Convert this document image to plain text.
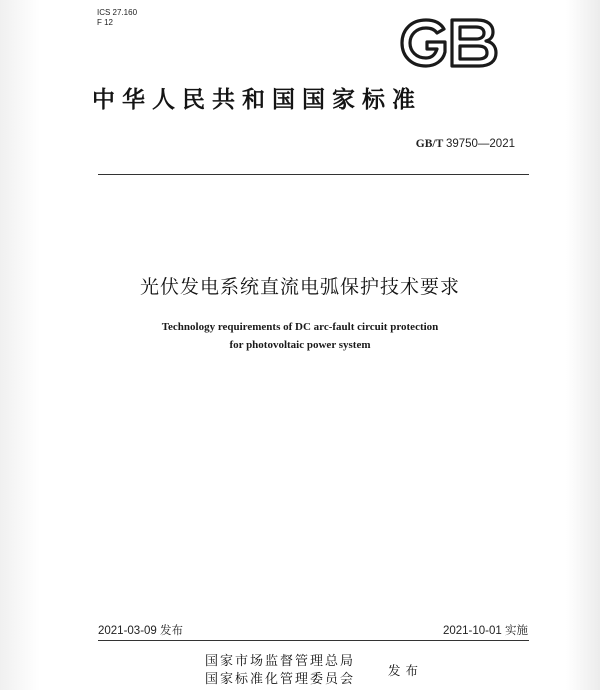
ICS 27.160
F 12
GB
中华人民共和国国家标准
GB/T 39750—2021
光伏发电系统直流电弧保护技术要求
Technology requirements of DC arc-fault circuit protection
for photovoltaic power system
2021-03-09 发布	2021-10-01 实施
国家市场监督管理总局
国家标准化管理委员会
发布
